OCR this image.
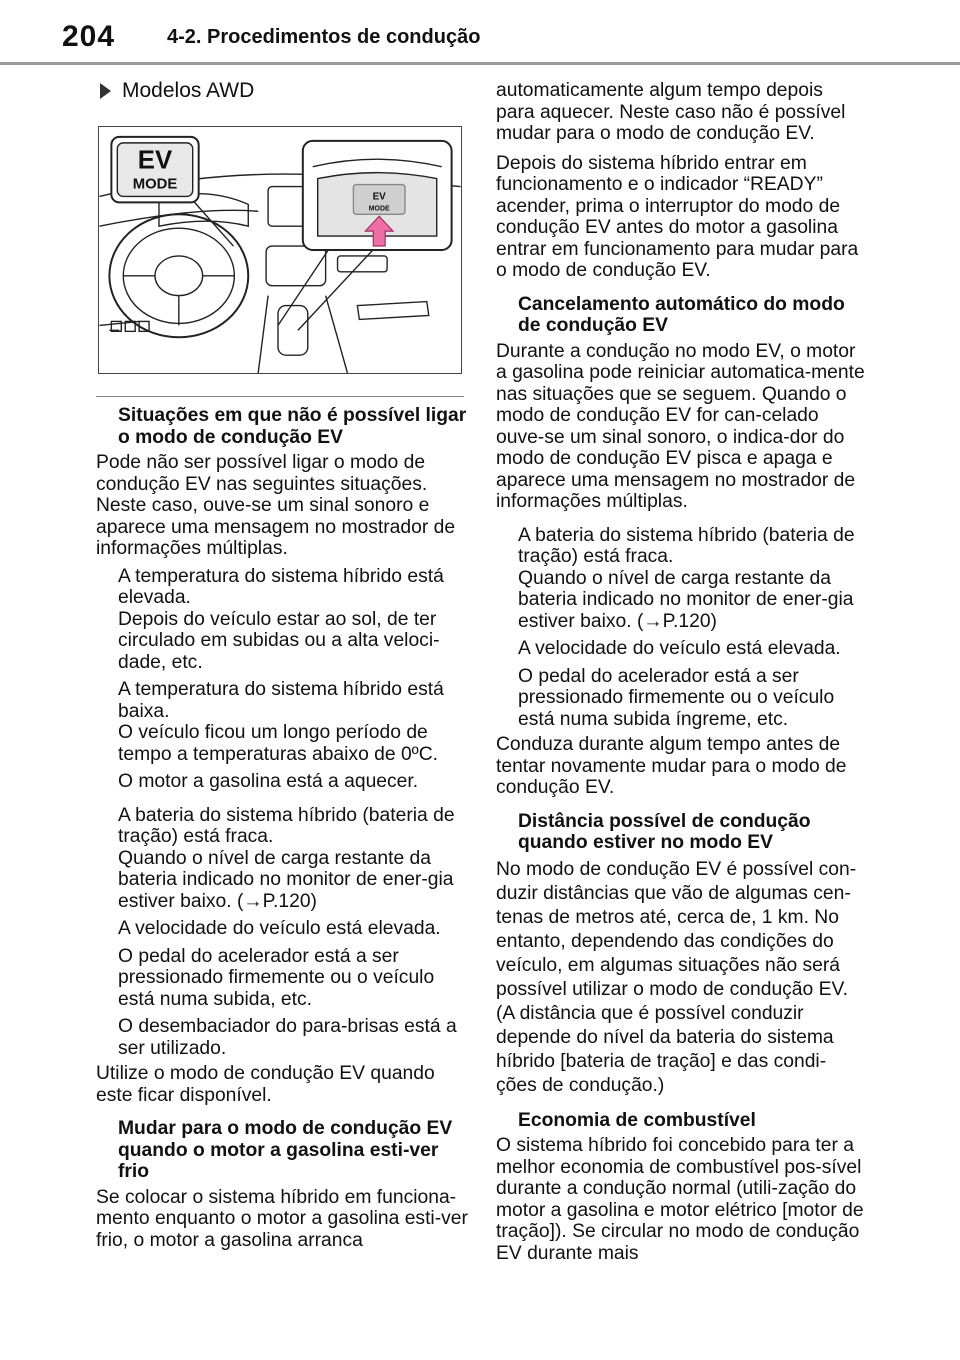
204	4-2. Procedimentos de condução
Modelos AWD
EV
MODE
EV
MODE

Situações em que não é possível ligar o modo de condução EV

Pode não ser possível ligar o modo de condução EV nas seguintes situações. Neste caso, ouve-se um sinal sonoro e aparece uma mensagem no mostrador de informações múltiplas.

A temperatura do sistema híbrido está elevada.

Depois do veículo estar ao sol, de ter circulado em subidas ou a alta veloci-dade, etc.

A temperatura do sistema híbrido está baixa.

O veículo ficou um longo período de tempo a temperaturas abaixo de 0ºC.

O motor a gasolina está a aquecer.

A bateria do sistema híbrido (bateria de tração) está fraca.

Quando o nível de carga restante da bateria indicado no monitor de ener-gia estiver baixo. (→P.120)

A velocidade do veículo está elevada.

O pedal do acelerador está a ser pressionado firmemente ou o veículo está numa subida, etc.

O desembaciador do para-brisas está a ser utilizado.

Utilize o modo de condução EV quando este ficar disponível.

Mudar para o modo de condução EV quando o motor a gasolina esti-ver frio

Se colocar o sistema híbrido em funciona-mento enquanto o motor a gasolina esti-ver frio, o motor a gasolina arranca

automaticamente algum tempo depois para aquecer. Neste caso não é possível mudar para o modo de condução EV.

Depois do sistema híbrido entrar em funcionamento e o indicador “READY” acender, prima o interruptor do modo de condução EV antes do motor a gasolina entrar em funcionamento para mudar para o modo de condução EV.

Cancelamento automático do modo de condução EV

Durante a condução no modo EV, o motor a gasolina pode reiniciar automatica-mente nas situações que se seguem. Quando o modo de condução EV for can-celado ouve-se um sinal sonoro, o indica-dor do modo de condução EV pisca e apaga e aparece uma mensagem no mostrador de informações múltiplas.

A bateria do sistema híbrido (bateria de tração) está fraca.

Quando o nível de carga restante da bateria indicado no monitor de ener-gia estiver baixo. (→P.120)

A velocidade do veículo está elevada.

O pedal do acelerador está a ser pressionado firmemente ou o veículo está numa subida íngreme, etc.

Conduza durante algum tempo antes de tentar novamente mudar para o modo de condução EV.

Distância possível de condução quando estiver no modo EV

No modo de condução EV é possível con-duzir distâncias que vão de algumas cen-tenas de metros até, cerca de, 1 km. No entanto, dependendo das condições do veículo, em algumas situações não será possível utilizar o modo de condução EV. (A distância que é possível conduzir depende do nível da bateria do sistema híbrido [bateria de tração] e das condi-ções de condução.)

Economia de combustível

O sistema híbrido foi concebido para ter a melhor economia de combustível pos-sível durante a condução normal (utili-zação do motor a gasolina e motor elétrico [motor de tração]). Se circular no modo de condução EV durante mais
